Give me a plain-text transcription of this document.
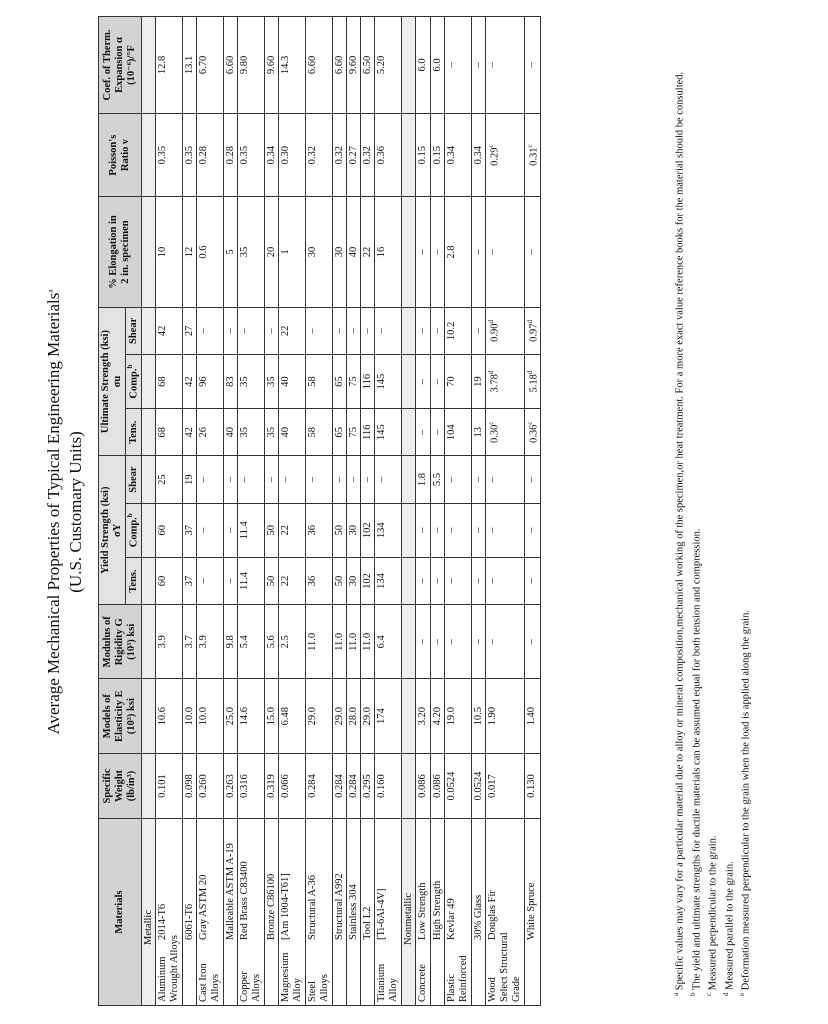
Average Mechanical Properties of Typical Engineering Materials$^a$
(U.S. Customary Units)
Materials	Specific Weight (lb/in³)	Models of Elasticity E (10³) ksi	Modulus of Rigidity G (10³) ksi	Yield Strength (ksi) σY			Ultimate Strength (ksi) σu			% Elongation in 2 in. specimen	Poisson's Ratio ν	Coef. of Therm. Expansion α (10⁻⁶)/°F

				Tens.	Comp.$^b$	Shear	Tens.	Comp.$^b$	Shear			
Metallic												

Aluminum Wrought Alloys
2014-T6	0.101	10.6	3.9	60	60	25	68	68	42	10	0.35	12.8
6061-T6	0.098	10.0	3.7	37	37	19	42	42	27	12	0.35	13.1

Cast Iron Alloys
Gray ASTM 20	0.260	10.0	3.9	–	–	–	26	96	–	0.6	0.28	6.70
Malleable ASTM A-19	0.263	25.0	9.8	–	–	–	40	83	–	5	0.28	6.60

Copper Alloys
Red Brass C83400	0.316	14.6	5.4	11.4	11.4	–	35	35	–	35	0.35	9.80
Bronze C86100	0.319	15.0	5.6	50	50	–	35	35	–	20	0.34	9.60

Magnesium Alloy
[Am 1004-T61]	0.066	6.48	2.5	22	22	–	40	40	22	1	0.30	14.3

Steel Alloys
Structural A-36	0.284	29.0	11.0	36	36	–	58	58	–	30	0.32	6.60
Structural A992	0.284	29.0	11.0	50	50	–	65	65	–	30	0.32	6.60
Stainless 304	0.284	28.0	11.0	30	30	–	75	75	–	40	0.27	9.60
Tool L2	0.295	29.0	11.0	102	102	–	116	116	–	22	0.32	6.50

Titanium Alloy
[Ti-6Al-4V]	0.160	174	6.4	134	134	–	145	145	–	16	0.36	5.20
Nonmetallic												

Concrete
Low Strength	0.086	3.20	–	–	–	1.8	–	–	–	–	0.15	6.0
High Strength	0.086	4.20	–	–	–	5.5	–	–	–	–	0.15	6.0

Plastic Reinforced
Kevlar 49	0.0524	19.0	–	–	–	–	104	70	10.2	2.8	0.34	–
30% Glass	0.0524	10.5	–	–	–	–	13	19	–	–	0.34	–

Wood Select Structural Grade
Douglas Fir	0.017	1.90	–	–	–	–	0.30$^c$	3.78$^d$	0.90$^d$	–	0.29$^c$	–
White Spruce	0.130	1.40	–	–	–	–	0.36$^c$	5.18$^d$	0.97$^d$	–	0.31$^c$	–

$^a$ Specific values may vary for a particular material due to alloy or mineral composition,mechanical working of the specimen,or heat treatment. For a more exact value reference books for the material should be consulted.

$^b$ The yield and ultimate strengths for ductile materials can be assumed equal for both tension and compression.

$^c$ Measured perpendicular to the grain.

$^d$ Measured parallel to the grain.

$^e$ Deformation measured perpendicular to the grain when the load is applied along the grain.
